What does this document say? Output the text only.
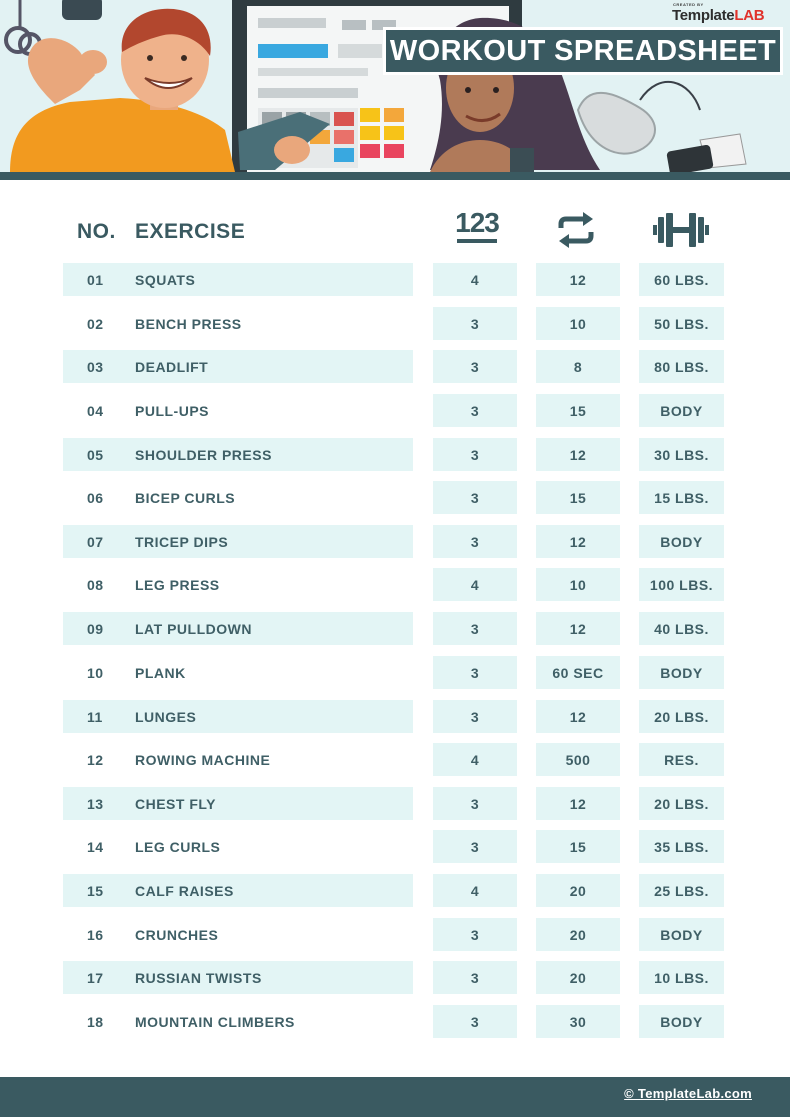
CREATED BY
TemplateLAB
WORKOUT SPREADSHEET
NO. EXERCISE	123
01	SQUATS	4	12	60 LBS.
02	BENCH PRESS	3	10	50 LBS.
03	DEADLIFT	3	8	80 LBS.
04	PULL-UPS	3	15	BODY
05	SHOULDER PRESS	3	12	30 LBS.
06	BICEP CURLS	3	15	15 LBS.
07	TRICEP DIPS	3	12	BODY
08	LEG PRESS	4	10	100 LBS.
09	LAT PULLDOWN	3	12	40 LBS.
10	PLANK	3	60 SEC	BODY
11	LUNGES	3	12	20 LBS.
12	ROWING MACHINE	4	500	RES.
13	CHEST FLY	3	12	20 LBS.
14	LEG CURLS	3	15	35 LBS.
15	CALF RAISES	4	20	25 LBS.
16	CRUNCHES	3	20	BODY
17	RUSSIAN TWISTS	3	20	10 LBS.
18	MOUNTAIN CLIMBERS	3	30	BODY
© TemplateLab.com
